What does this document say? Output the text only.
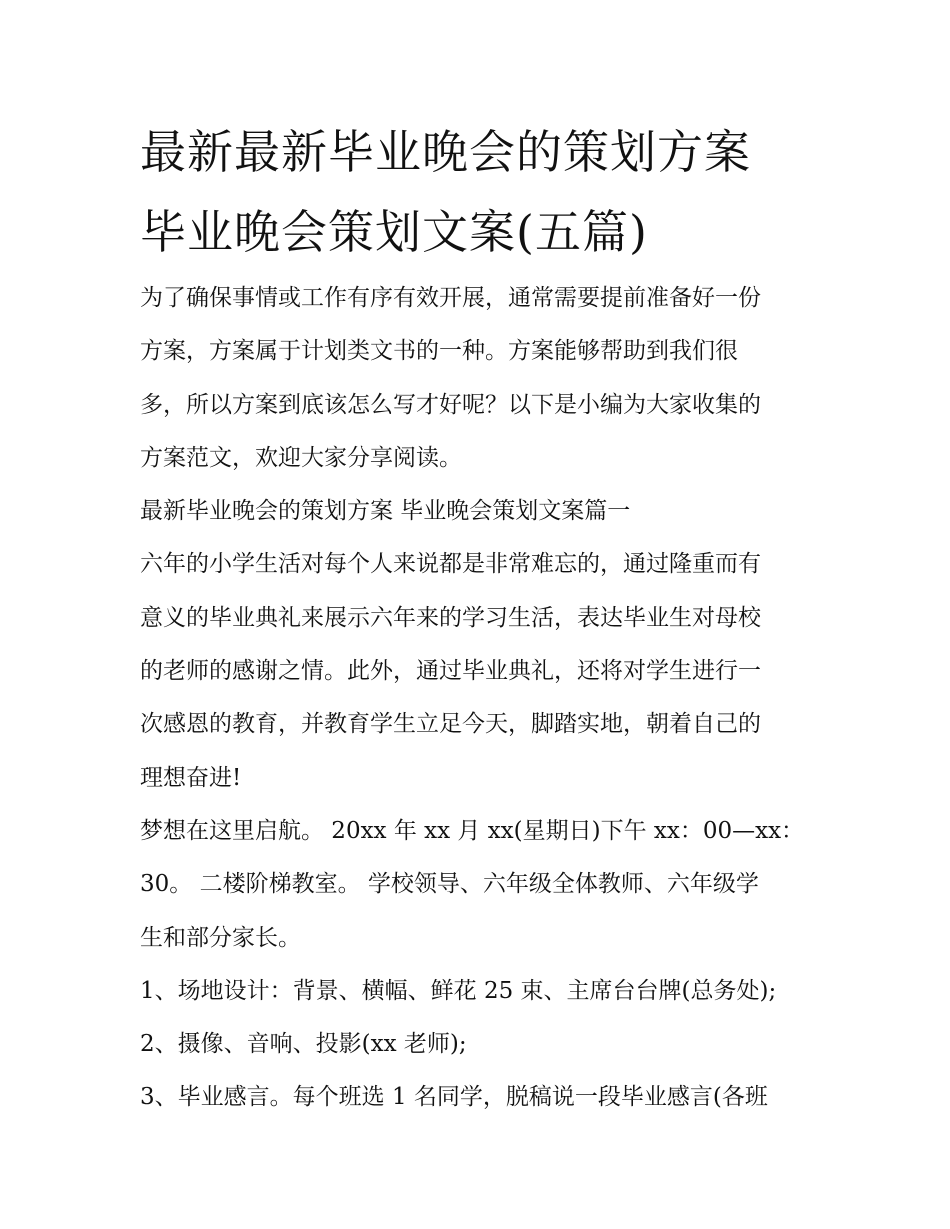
最新最新毕业晚会的策划方案
毕业晚会策划文案(五篇)
为了确保事情或工作有序有效开展，通常需要提前准备好一份
方案，方案属于计划类文书的一种。方案能够帮助到我们很
多，所以方案到底该怎么写才好呢？以下是小编为大家收集的
方案范文，欢迎大家分享阅读。
最新毕业晚会的策划方案 毕业晚会策划文案篇一
六年的小学生活对每个人来说都是非常难忘的，通过隆重而有
意义的毕业典礼来展示六年来的学习生活，表达毕业生对母校
的老师的感谢之情。此外，通过毕业典礼，还将对学生进行一
次感恩的教育，并教育学生立足今天，脚踏实地，朝着自己的
理想奋进!
梦想在这里启航。 20xx 年 xx 月 xx(星期日)下午 xx：00—xx：
30。 二楼阶梯教室。 学校领导、六年级全体教师、六年级学
生和部分家长。
1、场地设计：背景、横幅、鲜花 25 束、主席台台牌(总务处);
2、摄像、音响、投影(xx 老师);
3、毕业感言。每个班选 1 名同学，脱稿说一段毕业感言(各班
